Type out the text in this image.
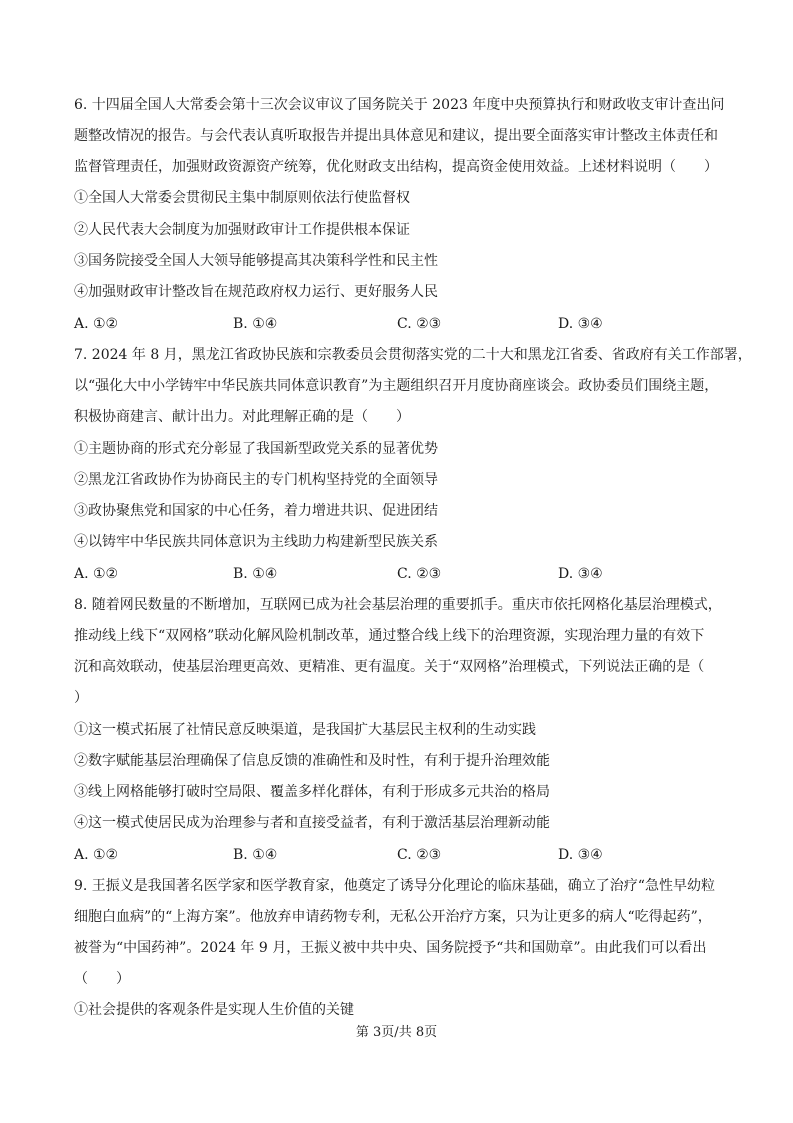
6. 十四届全国人大常委会第十三次会议审议了国务院关于 2023 年度中央预算执行和财政收支审计查出问
题整改情况的报告。与会代表认真听取报告并提出具体意见和建议，提出要全面落实审计整改主体责任和
监督管理责任，加强财政资源资产统筹，优化财政支出结构，提高资金使用效益。上述材料说明（　　）
①全国人大常委会贯彻民主集中制原则依法行使监督权
②人民代表大会制度为加强财政审计工作提供根本保证
③国务院接受全国人大领导能够提高其决策科学性和民主性
④加强财政审计整改旨在规范政府权力运行、更好服务人民
A. ①②	B. ①④	C. ②③	D. ③④
7. 2024 年 8 月，黑龙江省政协民族和宗教委员会贯彻落实党的二十大和黑龙江省委、省政府有关工作部署，
以“强化大中小学铸牢中华民族共同体意识教育”为主题组织召开月度协商座谈会。政协委员们围绕主题，
积极协商建言、献计出力。对此理解正确的是（　　）
①主题协商的形式充分彰显了我国新型政党关系的显著优势
②黑龙江省政协作为协商民主的专门机构坚持党的全面领导
③政协聚焦党和国家的中心任务，着力增进共识、促进团结
④以铸牢中华民族共同体意识为主线助力构建新型民族关系
A. ①②	B. ①④	C. ②③	D. ③④
8. 随着网民数量的不断增加，互联网已成为社会基层治理的重要抓手。重庆市依托网格化基层治理模式，
推动线上线下“双网格”联动化解风险机制改革，通过整合线上线下的治理资源，实现治理力量的有效下
沉和高效联动，使基层治理更高效、更精准、更有温度。关于“双网格”治理模式，下列说法正确的是（
）
①这一模式拓展了社情民意反映渠道，是我国扩大基层民主权利的生动实践
②数字赋能基层治理确保了信息反馈的准确性和及时性，有利于提升治理效能
③线上网格能够打破时空局限、覆盖多样化群体，有利于形成多元共治的格局
④这一模式使居民成为治理参与者和直接受益者，有利于激活基层治理新动能
A. ①②	B. ①④	C. ②③	D. ③④
9. 王振义是我国著名医学家和医学教育家，他奠定了诱导分化理论的临床基础，确立了治疗“急性早幼粒
细胞白血病”的“上海方案”。他放弃申请药物专利，无私公开治疗方案，只为让更多的病人“吃得起药”，
被誉为“中国药神”。2024 年 9 月，王振义被中共中央、国务院授予“共和国勋章”。由此我们可以看出
（　　）
①社会提供的客观条件是实现人生价值的关键
第 3页/共 8页
